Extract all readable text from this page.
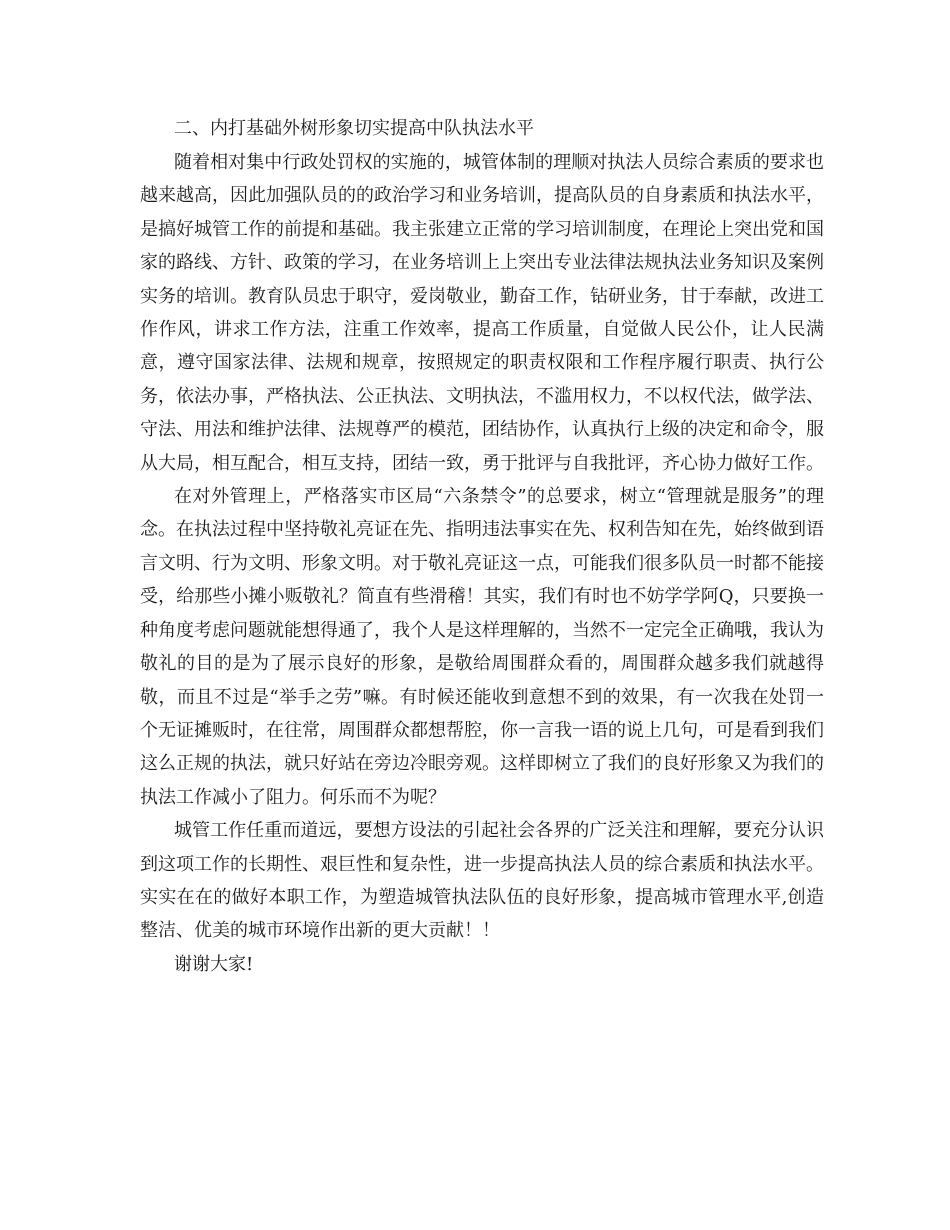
二、内打基础外树形象切实提高中队执法水平

随着相对集中行政处罚权的实施的，城管体制的理顺对执法人员综合素质的要求也越来越高，因此加强队员的的政治学习和业务培训，提高队员的自身素质和执法水平，是搞好城管工作的前提和基础。我主张建立正常的学习培训制度，在理论上突出党和国家的路线、方针、政策的学习，在业务培训上上突出专业法律法规执法业务知识及案例实务的培训。教育队员忠于职守，爱岗敬业，勤奋工作，钻研业务，甘于奉献，改进工作作风，讲求工作方法，注重工作效率，提高工作质量，自觉做人民公仆，让人民满意，遵守国家法律、法规和规章，按照规定的职责权限和工作程序履行职责、执行公务，依法办事，严格执法、公正执法、文明执法，不滥用权力，不以权代法，做学法、守法、用法和维护法律、法规尊严的模范，团结协作，认真执行上级的决定和命令，服从大局，相互配合，相互支持，团结一致，勇于批评与自我批评，齐心协力做好工作。

在对外管理上，严格落实市区局“六条禁令”的总要求，树立“管理就是服务”的理念。在执法过程中坚持敬礼亮证在先、指明违法事实在先、权利告知在先，始终做到语言文明、行为文明、形象文明。对于敬礼亮证这一点，可能我们很多队员一时都不能接受，给那些小摊小贩敬礼？简直有些滑稽！其实，我们有时也不妨学学阿Q，只要换一种角度考虑问题就能想得通了，我个人是这样理解的，当然不一定完全正确哦，我认为敬礼的目的是为了展示良好的形象，是敬给周围群众看的，周围群众越多我们就越得敬，而且不过是“举手之劳”嘛。有时候还能收到意想不到的效果，有一次我在处罚一个无证摊贩时，在往常，周围群众都想帮腔，你一言我一语的说上几句，可是看到我们这么正规的执法，就只好站在旁边冷眼旁观。这样即树立了我们的良好形象又为我们的执法工作减小了阻力。何乐而不为呢？

城管工作任重而道远，要想方设法的引起社会各界的广泛关注和理解，要充分认识到这项工作的长期性、艰巨性和复杂性，进一步提高执法人员的综合素质和执法水平。实实在在的做好本职工作，为塑造城管执法队伍的良好形象，提高城市管理水平,创造整洁、优美的城市环境作出新的更大贡献！！

谢谢大家!
